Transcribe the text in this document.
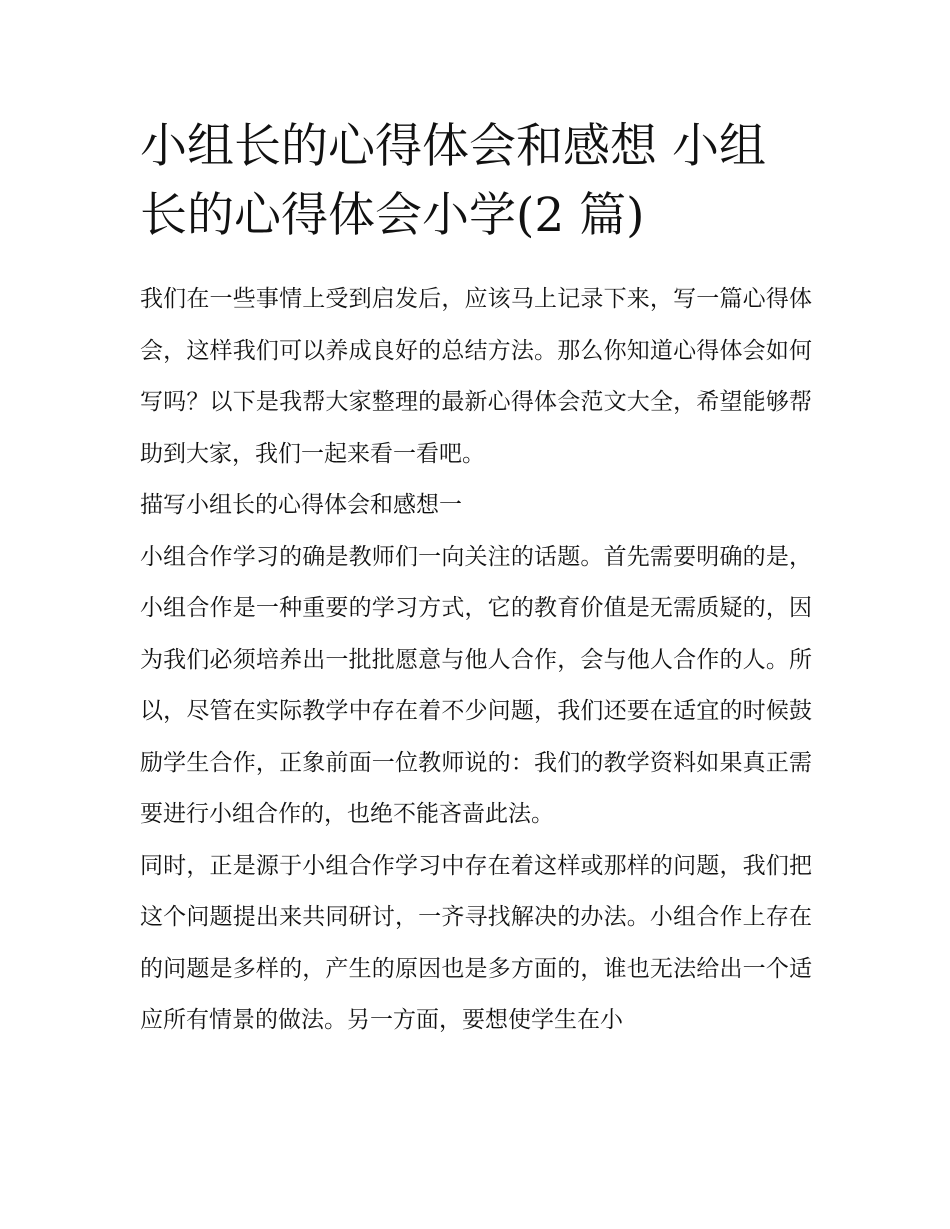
小组长的心得体会和感想 小组长的心得体会小学(2 篇)

我们在一些事情上受到启发后，应该马上记录下来，写一篇心得体会，这样我们可以养成良好的总结方法。那么你知道心得体会如何写吗？以下是我帮大家整理的最新心得体会范文大全，希望能够帮助到大家，我们一起来看一看吧。

描写小组长的心得体会和感想一

小组合作学习的确是教师们一向关注的话题。首先需要明确的是，小组合作是一种重要的学习方式，它的教育价值是无需质疑的，因为我们必须培养出一批批愿意与他人合作，会与他人合作的人。所以，尽管在实际教学中存在着不少问题，我们还要在适宜的时候鼓励学生合作，正象前面一位教师说的：我们的教学资料如果真正需要进行小组合作的，也绝不能吝啬此法。

同时，正是源于小组合作学习中存在着这样或那样的问题，我们把这个问题提出来共同研讨，一齐寻找解决的办法。小组合作上存在的问题是多样的，产生的原因也是多方面的，谁也无法给出一个适应所有情景的做法。另一方面，要想使学生在小
